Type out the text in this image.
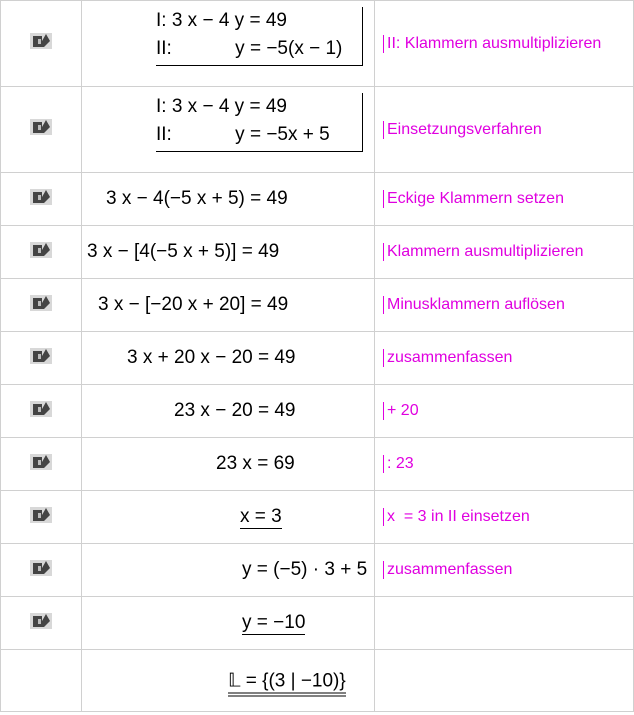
I: 3 x − 4 y = 49
II:            y = −5(x − 1)	II: Klammern ausmultiplizieren

I: 3 x − 4 y = 49
II:            y = −5x + 5	Einsetzungsverfahren

3 x − 4(−5 x + 5) = 49	Eckige Klammern setzen

3 x − [4(−5 x + 5)] = 49	Klammern ausmultiplizieren

3 x − [−20 x + 20] = 49	Minusklammern auflösen

3 x + 20 x − 20 = 49	zusammenfassen

23 x − 20 = 49	+ 20

23 x = 69	: 23

x = 3	x  = 3 in II einsetzen

y = (−5) · 3 + 5	zusammenfassen

y = −10	

	𝕃 = {(3 | −10)}	
